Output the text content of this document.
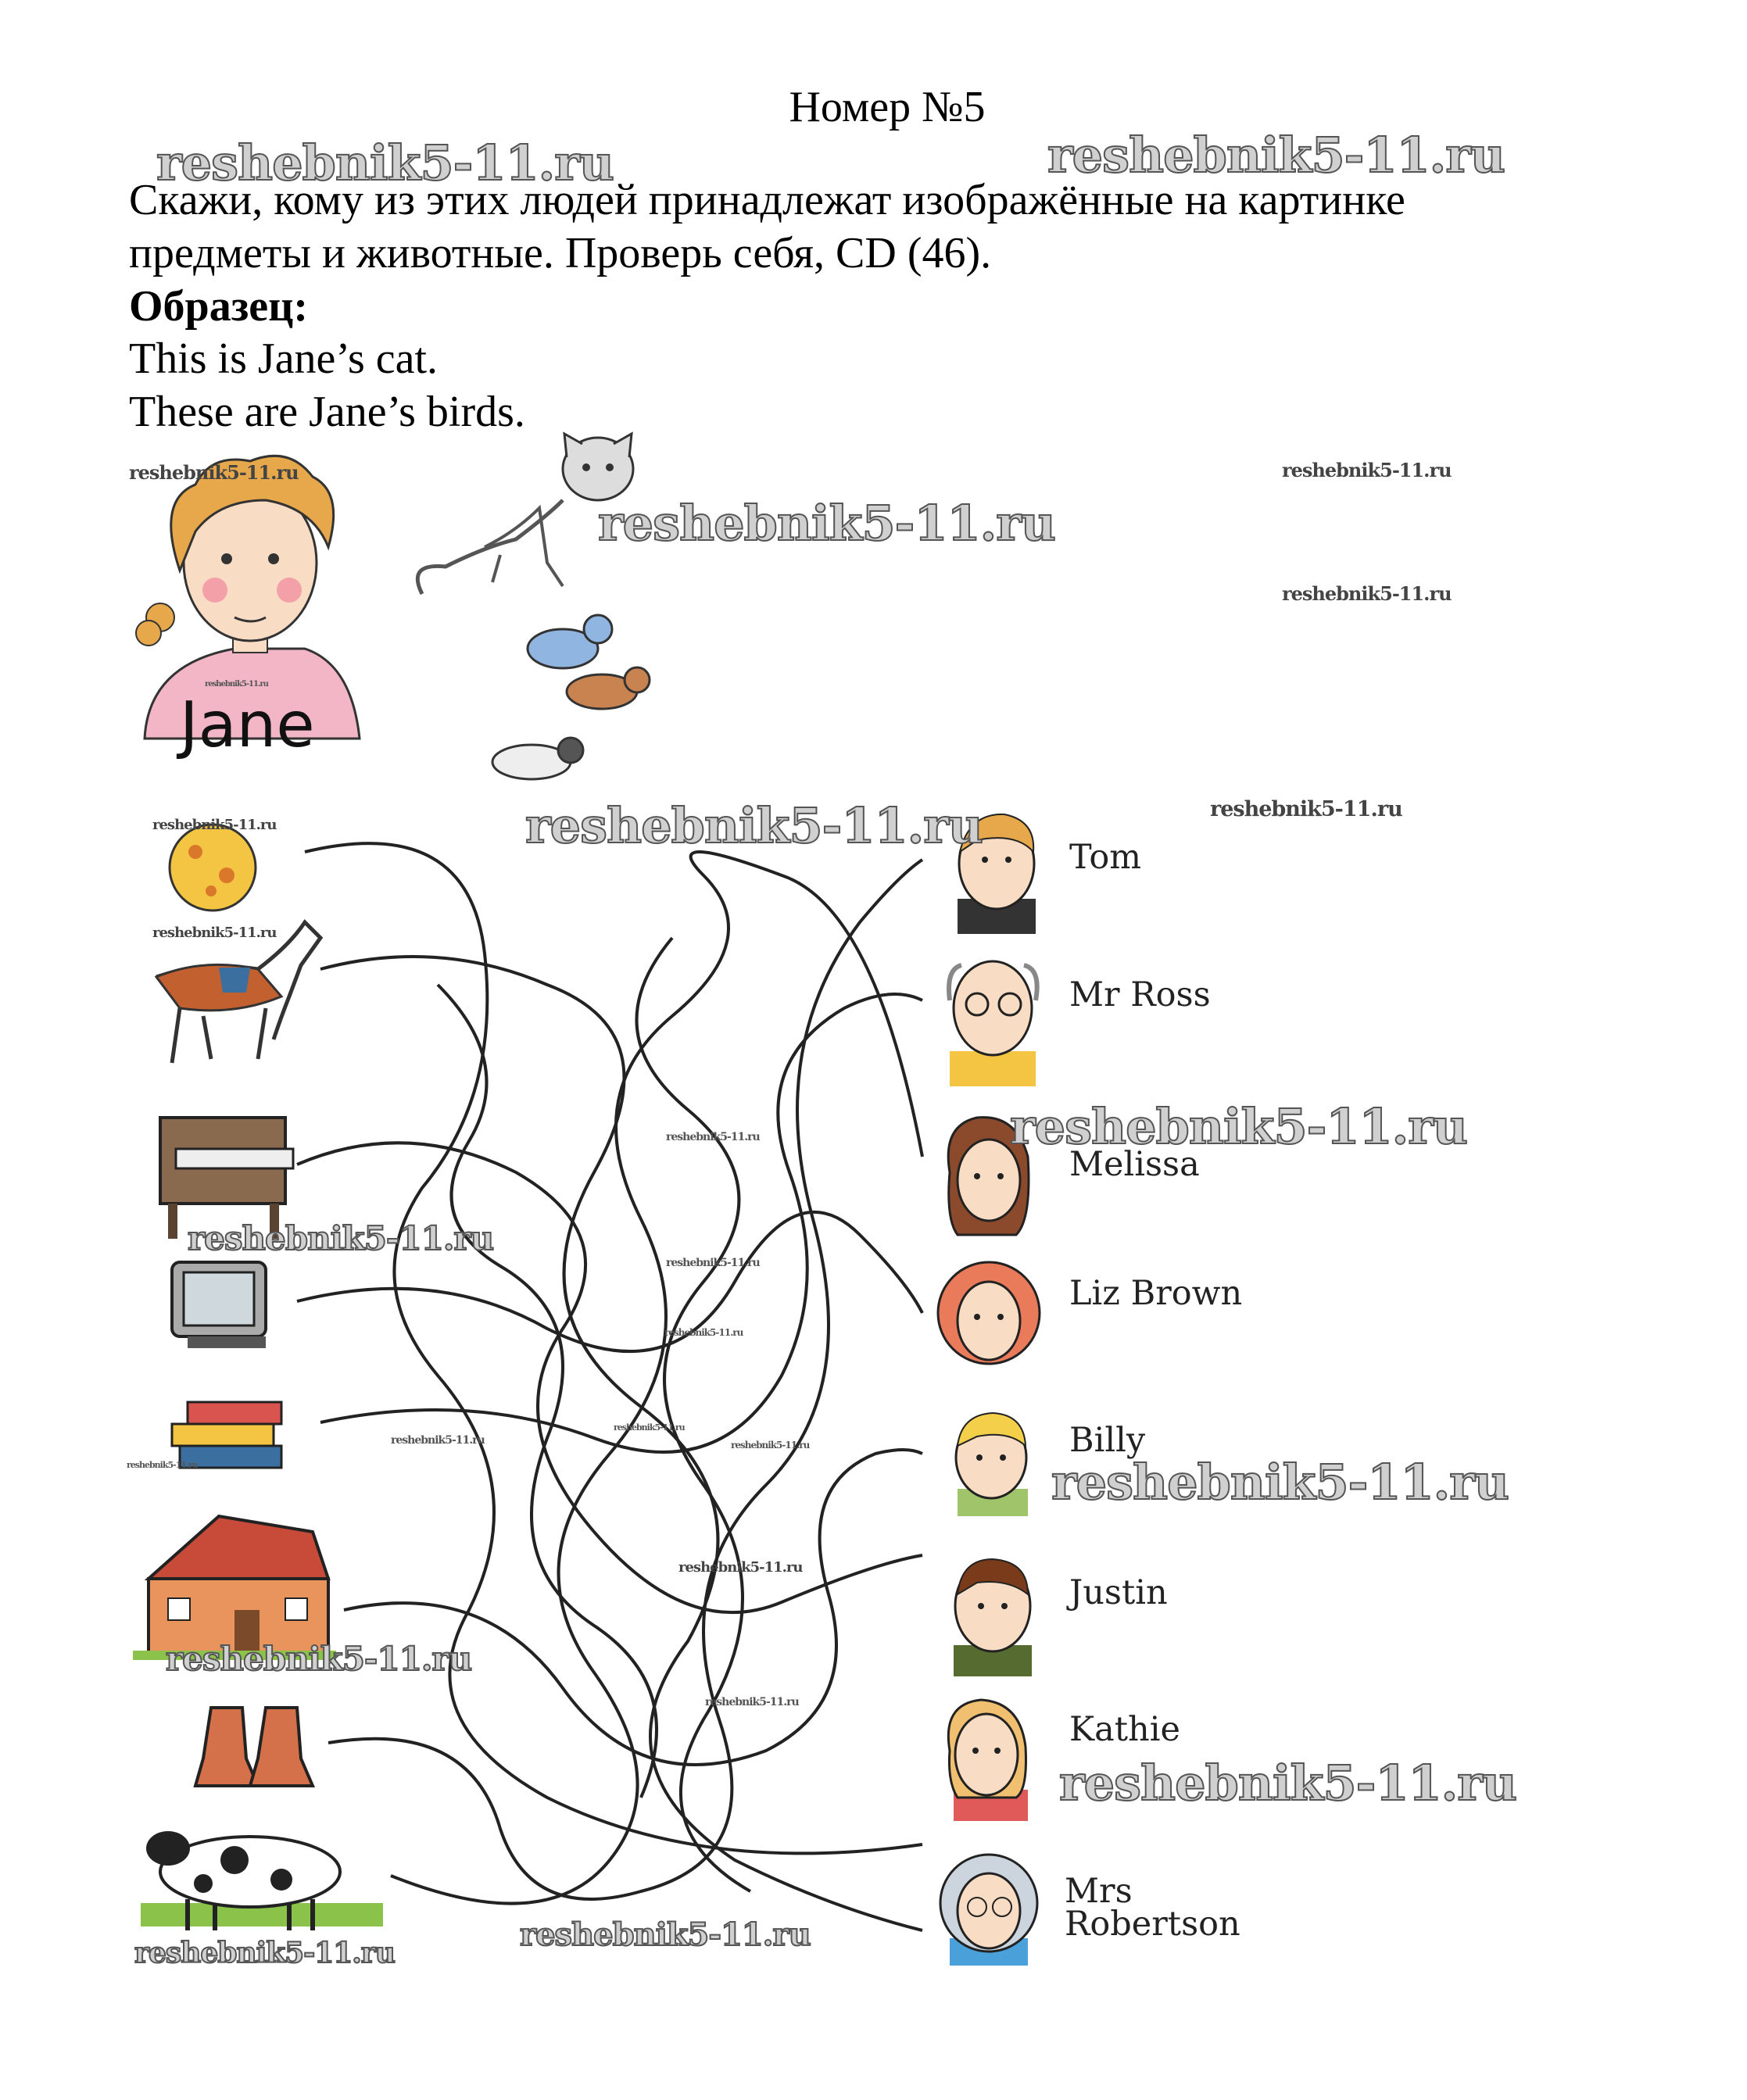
Номер №5
Скажи, кому из этих людей принадлежат изображённые на картинке
предметы и животные. Проверь себя, CD (46).
Образец:
This is Jane’s cat.
These are Jane’s birds.
Jane
Tom
Mr Ross
Melissa
Liz Brown
Billy
Justin
Kathie
Mrs
Robertson
reshebnik5-11.ru	reshebnik5-11.ru
reshebnik5-11.ru
reshebnik5-11.ru
reshebnik5-11.ru
reshebnik5-11.ru
reshebnik5-11.ru
reshebnik5-11.ru
reshebnik5-11.ru
reshebnik5-11.ru	reshebnik5-11.ru
reshebnik5-11.ru	reshebnik5-11.ru
reshebnik5-11.ru
reshebnik5-11.ru
reshebnik5-11.ru
reshebnik5-11.ru
reshebnik5-11.ru
reshebnik5-11.ru
reshebnik5-11.ru
reshebnik5-11.ru
reshebnik5-11.ru
reshebnik5-11.ru
reshebnik5-11.ru
reshebnik5-11.ru
reshebnik5-11.ru
reshebnik5-11.ru
